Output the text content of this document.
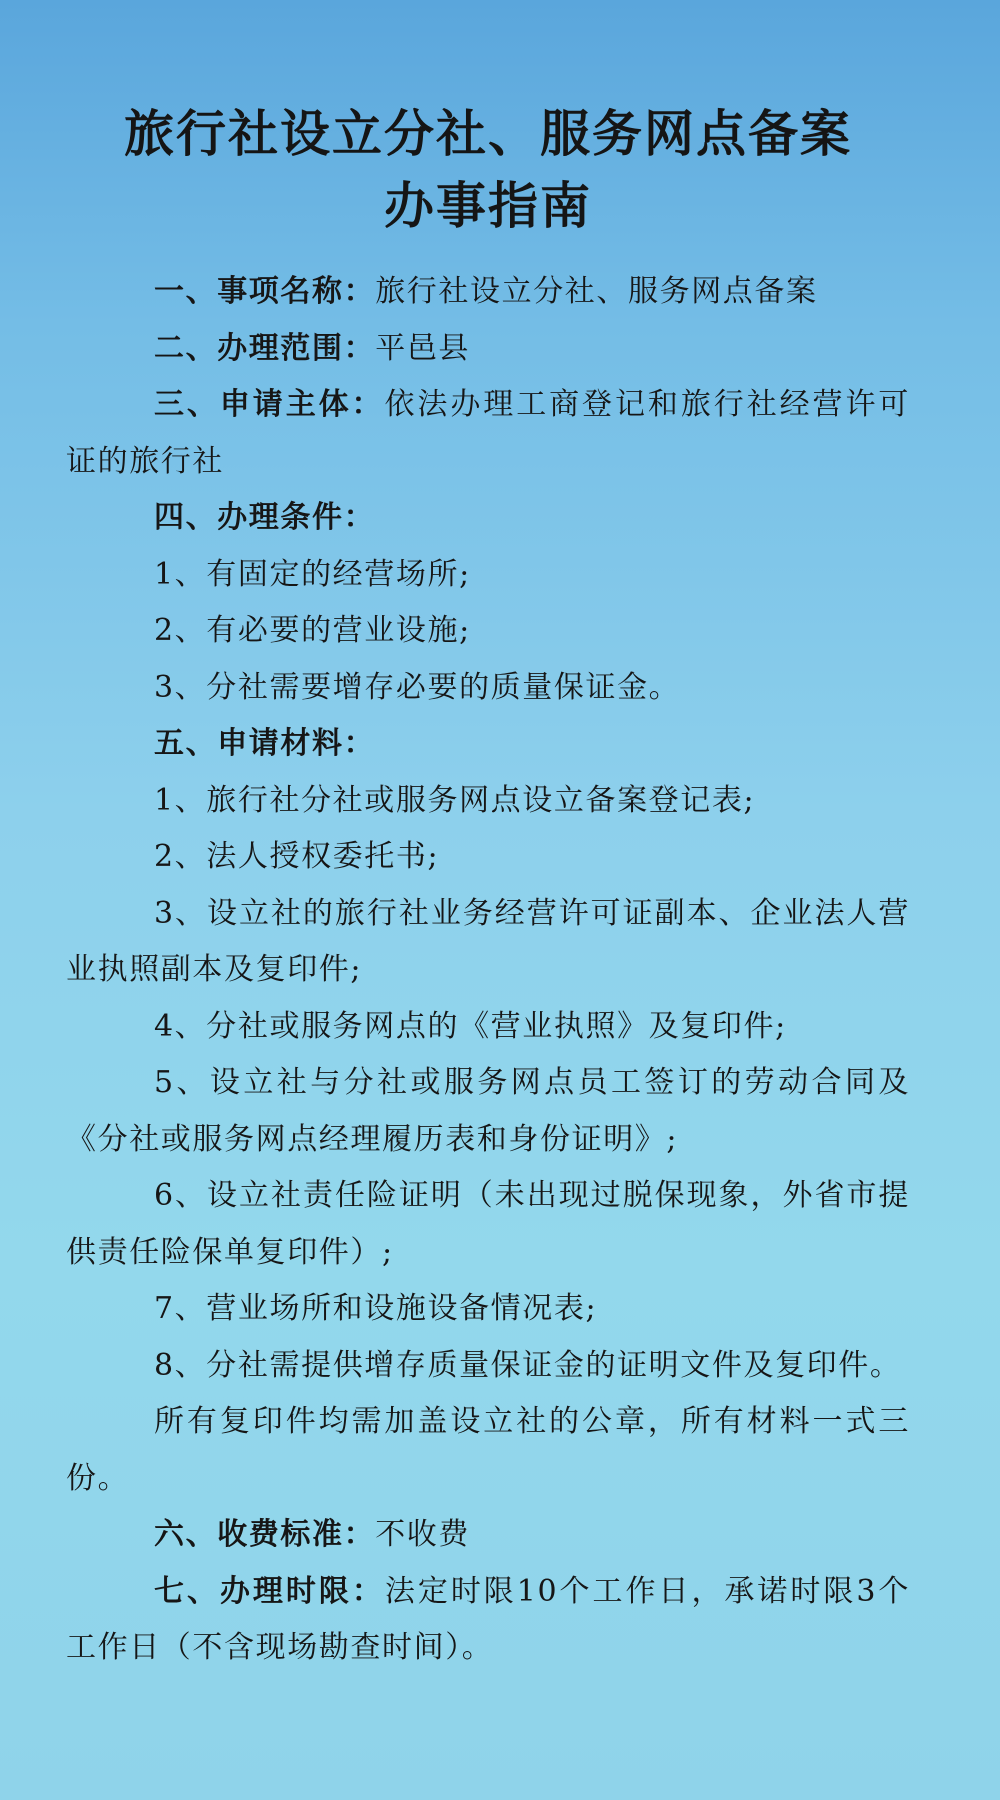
旅行社设立分社、服务网点备案
办事指南

一、事项名称：旅行社设立分社、服务网点备案

二、办理范围：平邑县

三、申请主体：依法办理工商登记和旅行社经营许可证的旅行社

四、办理条件：

1、有固定的经营场所;

2、有必要的营业设施;

3、分社需要增存必要的质量保证金。

五、申请材料：

1、旅行社分社或服务网点设立备案登记表;

2、法人授权委托书;

3、设立社的旅行社业务经营许可证副本、企业法人营业执照副本及复印件;

4、分社或服务网点的《营业执照》及复印件;

5、设立社与分社或服务网点员工签订的劳动合同及《分社或服务网点经理履历表和身份证明》;

6、设立社责任险证明（未出现过脱保现象，外省市提供责任险保单复印件）;

7、营业场所和设施设备情况表;

8、分社需提供增存质量保证金的证明文件及复印件。

所有复印件均需加盖设立社的公章，所有材料一式三份。

六、收费标准：不收费

七、办理时限：法定时限10个工作日，承诺时限3个工作日（不含现场勘查时间）。
